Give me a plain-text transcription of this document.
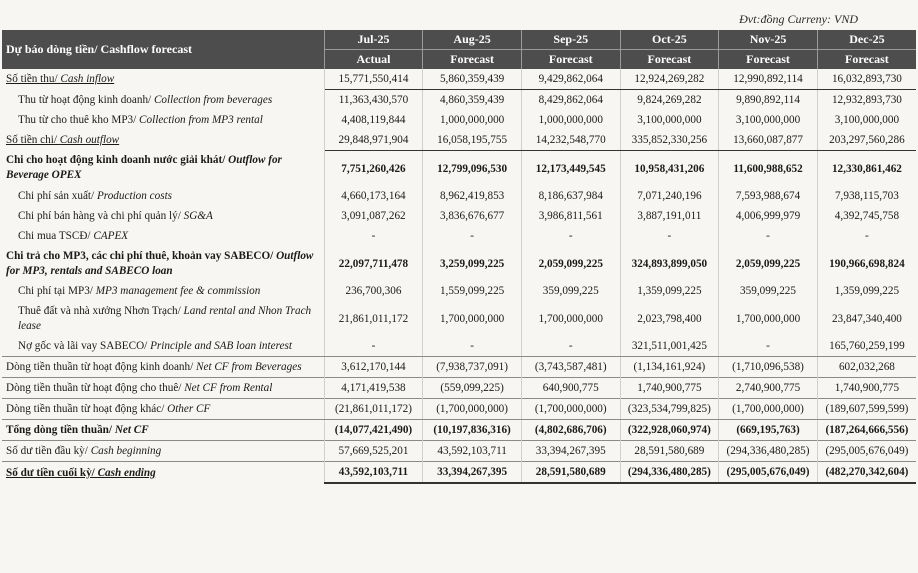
Đvt:đồng Curreny: VND
Dự báo dòng tiền/ Cashflow forecast	Jul-25	Aug-25	Sep-25	Oct-25	Nov-25	Dec-25
	Actual	Forecast	Forecast	Forecast	Forecast	Forecast
Số tiền thu/ Cash inflow	15,771,550,414	5,860,359,439	9,429,862,064	12,924,269,282	12,990,892,114	16,032,893,730
Thu từ hoạt động kinh doanh/ Collection from beverages	11,363,430,570	4,860,359,439	8,429,862,064	9,824,269,282	9,890,892,114	12,932,893,730
Thu từ cho thuê kho MP3/ Collection from MP3 rental	4,408,119,844	1,000,000,000	1,000,000,000	3,100,000,000	3,100,000,000	3,100,000,000
Số tiền chi/ Cash outflow	29,848,971,904	16,058,195,755	14,232,548,770	335,852,330,256	13,660,087,877	203,297,560,286
Chi cho hoạt động kinh doanh nước giải khát/ Outflow for Beverage OPEX	7,751,260,426	12,799,096,530	12,173,449,545	10,958,431,206	11,600,988,652	12,330,861,462
Chi phí sản xuất/ Production costs	4,660,173,164	8,962,419,853	8,186,637,984	7,071,240,196	7,593,988,674	7,938,115,703
Chi phí bán hàng và chi phí quản lý/ SG&A	3,091,087,262	3,836,676,677	3,986,811,561	3,887,191,011	4,006,999,979	4,392,745,758
Chi mua TSCĐ/ CAPEX	-	-	-	-	-	-
Chi trả cho MP3, các chi phí thuê, khoản vay SABECO/ Outflow for MP3, rentals and SABECO loan	22,097,711,478	3,259,099,225	2,059,099,225	324,893,899,050	2,059,099,225	190,966,698,824
Chi phí tại MP3/ MP3 management fee & commission	236,700,306	1,559,099,225	359,099,225	1,359,099,225	359,099,225	1,359,099,225
Thuê đất và nhà xưởng Nhơn Trạch/ Land rental and Nhon Trach lease	21,861,011,172	1,700,000,000	1,700,000,000	2,023,798,400	1,700,000,000	23,847,340,400
Nợ gốc và lãi vay SABECO/ Principle and SAB loan interest	-	-	-	321,511,001,425	-	165,760,259,199
Dòng tiền thuần từ hoạt động kinh doanh/ Net CF from Beverages	3,612,170,144	(7,938,737,091)	(3,743,587,481)	(1,134,161,924)	(1,710,096,538)	602,032,268
Dòng tiền thuần từ hoạt động cho thuê/ Net CF from Rental	4,171,419,538	(559,099,225)	640,900,775	1,740,900,775	2,740,900,775	1,740,900,775
Dòng tiền thuần từ hoạt động khác/ Other CF	(21,861,011,172)	(1,700,000,000)	(1,700,000,000)	(323,534,799,825)	(1,700,000,000)	(189,607,599,599)
Tổng dòng tiền thuần/ Net CF	(14,077,421,490)	(10,197,836,316)	(4,802,686,706)	(322,928,060,974)	(669,195,763)	(187,264,666,556)
Số dư tiền đầu kỳ/ Cash beginning	57,669,525,201	43,592,103,711	33,394,267,395	28,591,580,689	(294,336,480,285)	(295,005,676,049)
Số dư tiền cuối kỳ/ Cash ending	43,592,103,711	33,394,267,395	28,591,580,689	(294,336,480,285)	(295,005,676,049)	(482,270,342,604)
